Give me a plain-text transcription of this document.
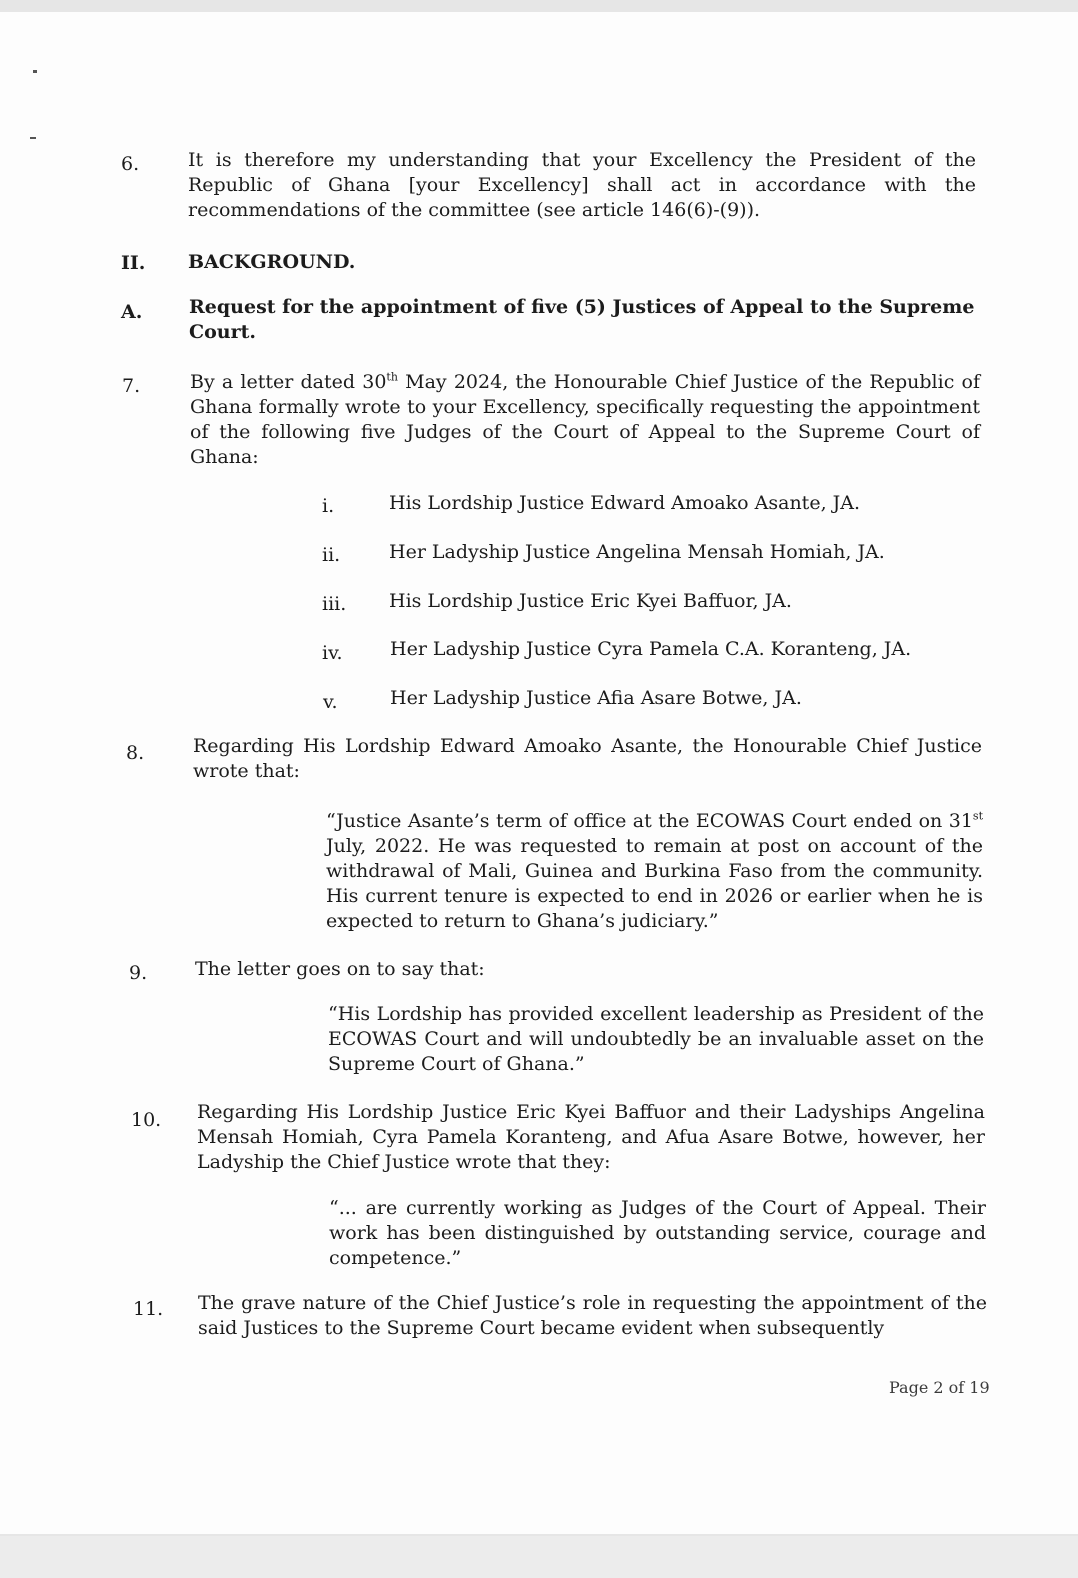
6.	It is therefore my understanding that your Excellency the President of the Republic of Ghana [your Excellency] shall act in accordance with the recommendations of the committee (see article 146(6)-(9)).
II. BACKGROUND.
A. Request for the appointment of five (5) Justices of Appeal to the Supreme Court.
7.	By a letter dated 30th May 2024, the Honourable Chief Justice of the Republic of Ghana formally wrote to your Excellency, specifically requesting the appointment of the following five Judges of the Court of Appeal to the Supreme Court of Ghana:
i.	His Lordship Justice Edward Amoako Asante, JA.
ii.	Her Ladyship Justice Angelina Mensah Homiah, JA.
iii. His Lordship Justice Eric Kyei Baffuor, JA.
iv. Her Ladyship Justice Cyra Pamela C.A. Koranteng, JA.
v.	Her Ladyship Justice Afia Asare Botwe, JA.
8.	Regarding His Lordship Edward Amoako Asante, the Honourable Chief Justice wrote that:
“Justice Asante’s term of office at the ECOWAS Court ended on 31st July, 2022. He was requested to remain at post on account of the withdrawal of Mali, Guinea and Burkina Faso from the community. His current tenure is expected to end in 2026 or earlier when he is expected to return to Ghana’s judiciary.”
9.	The letter goes on to say that:
“His Lordship has provided excellent leadership as President of the ECOWAS Court and will undoubtedly be an invaluable asset on the Supreme Court of Ghana.”
10. Regarding His Lordship Justice Eric Kyei Baffuor and their Ladyships Angelina Mensah Homiah, Cyra Pamela Koranteng, and Afua Asare Botwe, however, her Ladyship the Chief Justice wrote that they:
“... are currently working as Judges of the Court of Appeal. Their work has been distinguished by outstanding service, courage and competence.”
11. The grave nature of the Chief Justice’s role in requesting the appointment of the said Justices to the Supreme Court became evident when subsequently
Page 2 of 19
